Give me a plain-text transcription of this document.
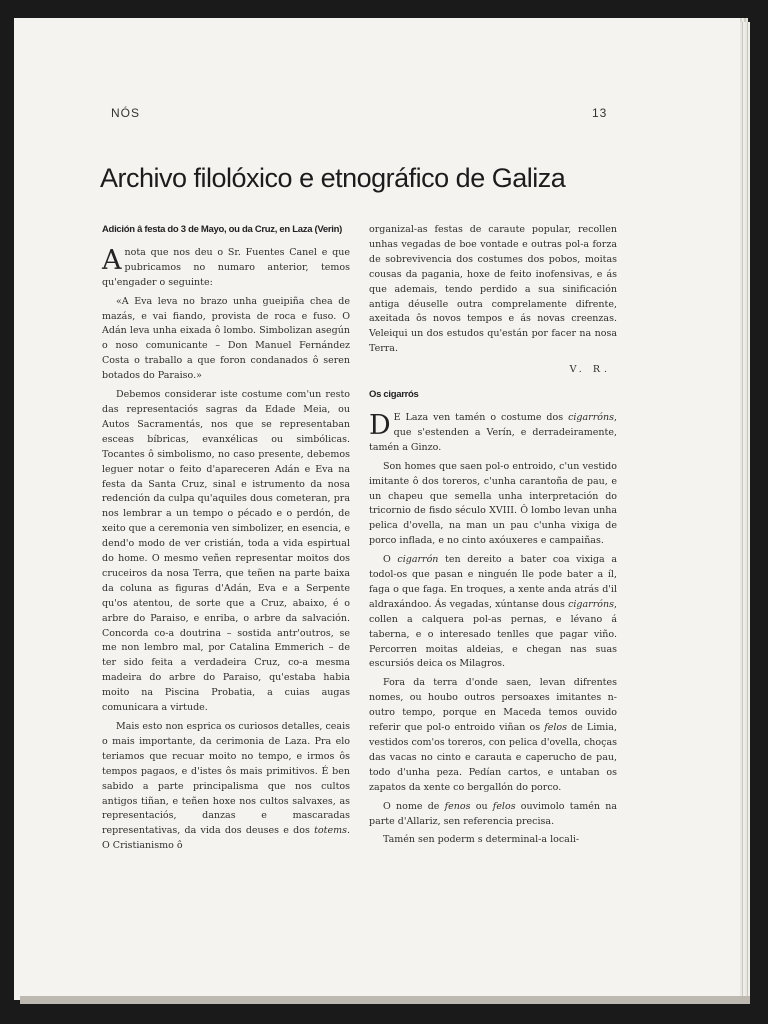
NÓS	13
Archivo filolóxico e etnográfico de Galiza
Adición â festa do 3 de Mayo, ou da Cruz, en Laza (Verin)

Anota que nos deu o Sr. Fuentes Canel e que pubricamos no numaro anterior, temos qu'engader o seguinte:

«A Eva leva no brazo unha gueipiña chea de mazás, e vai fiando, provista de roca e fuso. O Adán leva unha eixada ô lombo. Simbolizan asegún o noso comunicante – Don Manuel Fernández Costa o traballo a que foron condanados ô seren botados do Paraiso.»

Debemos considerar iste costume com'un resto das representaciós sagras da Edade Meia, ou Autos Sacramentás, nos que se representaban esceas bíbricas, evanxélicas ou simbólicas. Tocantes ô simbolismo, no caso presente, debemos leguer notar o feito d'apareceren Adán e Eva na festa da Santa Cruz, sinal e istrumento da nosa redención da culpa qu'aquiles dous cometeran, pra nos lembrar a un tempo o pécado e o perdón, de xeito que a ceremonia ven simbolizer, en esencia, e dend'o modo de ver cristián, toda a vida espirtual do home. O mesmo veñen representar moitos dos cruceiros da nosa Terra, que teñen na parte baixa da coluna as figuras d'Adán, Eva e a Serpente qu'os atentou, de sorte que a Cruz, abaixo, é o arbre do Paraiso, e enriba, o arbre da salvación. Concorda co-a doutrina – sostida antr'outros, se me non lembro mal, por Catalina Emmerich – de ter sido feita a verdadeira Cruz, co-a mesma madeira do arbre do Paraiso, qu'estaba habia moito na Piscina Probatia, a cuias augas comunicara a virtude.

Mais esto non esprica os curiosos detalles, ceais o mais importante, da cerimonia de Laza. Pra elo teriamos que recuar moito no tempo, e irmos ôs tempos pagaos, e d'istes ôs mais primitivos. É ben sabido a parte principalisma que nos cultos antigos tiñan, e teñen hoxe nos cultos salvaxes, as representaciós, danzas e mascaradas representativas, da vida dos deuses e dos totems. O Cristianismo ô

organizal-as festas de caraute popular, recollen unhas vegadas de boe vontade e outras pol-a forza de sobrevivencia dos costumes dos pobos, moitas cousas da pagania, hoxe de feito inofensivas, e ás que ademais, tendo perdido a sua sinificación antiga déuselle outra comprelamente difrente, axeitada ôs novos tempos e ás novas creenzas. Veleiqui un dos estudos qu'están por facer na nosa Terra.

V. R.
Os cigarrós

D E Laza ven tamén o costume dos cigarróns, que s'estenden a Verín, e derradeiramente, tamén a Ginzo.

Son homes que saen pol-o entroido, c'un vestido imitante ô dos toreros, c'unha carantoña de pau, e un chapeu que semella unha interpretación do tricornio de fisdo século XVIII. Ô lombo levan unha pelica d'ovella, na man un pau c'unha vixiga de porco inflada, e no cinto axóuxeres e campaiñas.

O cigarrón ten dereito a bater coa vixiga a todol-os que pasan e ninguén lle pode bater a íl, faga o que faga. En troques, a xente anda atrás d'il aldraxándoo. Ás vegadas, xúntanse dous cigarróns, collen a calquera pol-as pernas, e lévano á taberna, e o interesado tenlles que pagar viño. Percorren moitas aldeias, e chegan nas suas escursiós deica os Milagros.

Fora da terra d'onde saen, levan difrentes nomes, ou houbo outros persoaxes imitantes n-outro tempo, porque en Maceda temos ouvido referir que pol-o entroido viñan os felos de Limia, vestidos com'os toreros, con pelica d'ovella, choças das vacas no cinto e carauta e caperucho de pau, todo d'unha peza. Pedían cartos, e untaban os zapatos da xente co bergallón do porco.

O nome de fenos ou felos ouvimolo tamén na parte d'Allariz, sen referencia precisa.

Tamén sen poderm s determinal-a locali-
